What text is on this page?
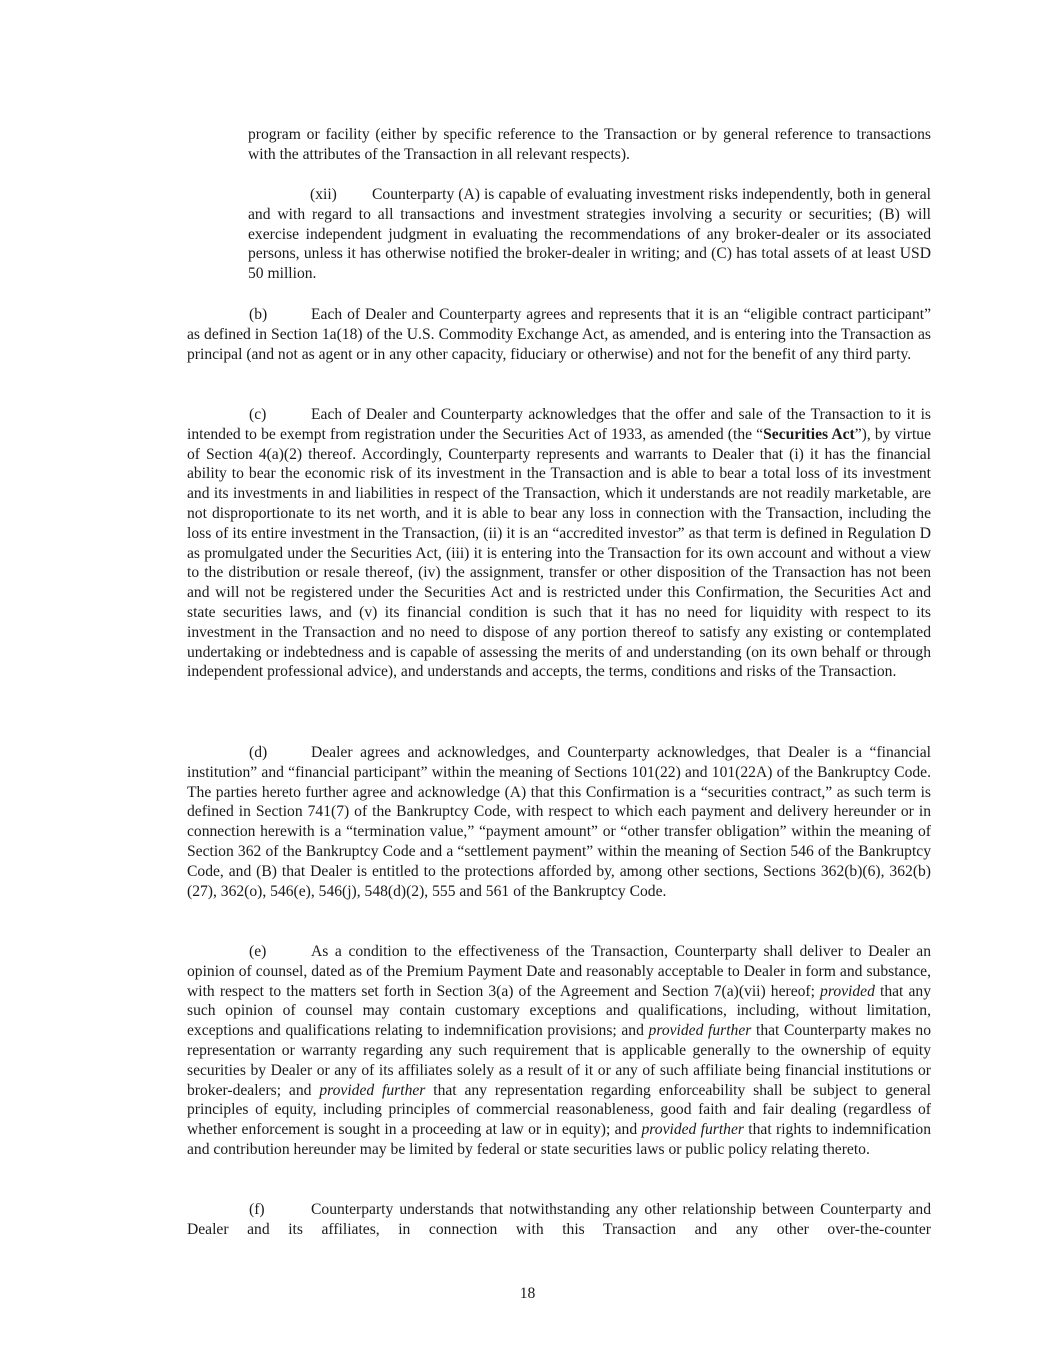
program or facility (either by specific reference to the Transaction or by general reference to transactions with the attributes of the Transaction in all relevant respects).

(xii) Counterparty (A) is capable of evaluating investment risks independently, both in general and with regard to all transactions and investment strategies involving a security or securities; (B) will exercise independent judgment in evaluating the recommendations of any broker-dealer or its associated persons, unless it has otherwise notified the broker-dealer in writing; and (C) has total assets of at least USD 50 million.

(b)	Each of Dealer and Counterparty agrees and represents that it is an “eligible contract participant” as defined in Section 1a(18) of the U.S. Commodity Exchange Act, as amended, and is entering into the Transaction as principal (and not as agent or in any other capacity, fiduciary or otherwise) and not for the benefit of any third party.

(c)	Each of Dealer and Counterparty acknowledges that the offer and sale of the Transaction to it is intended to be exempt from registration under the Securities Act of 1933, as amended (the “Securities Act”), by virtue of Section 4(a)(2) thereof. Accordingly, Counterparty represents and warrants to Dealer that (i) it has the financial ability to bear the economic risk of its investment in the Transaction and is able to bear a total loss of its investment and its investments in and liabilities in respect of the Transaction, which it understands are not readily marketable, are not disproportionate to its net worth, and it is able to bear any loss in connection with the Transaction, including the loss of its entire investment in the Transaction, (ii) it is an “accredited investor” as that term is defined in Regulation D as promulgated under the Securities Act, (iii) it is entering into the Transaction for its own account and without a view to the distribution or resale thereof, (iv) the assignment, transfer or other disposition of the Transaction has not been and will not be registered under the Securities Act and is restricted under this Confirmation, the Securities Act and state securities laws, and (v) its financial condition is such that it has no need for liquidity with respect to its investment in the Transaction and no need to dispose of any portion thereof to satisfy any existing or contemplated undertaking or indebtedness and is capable of assessing the merits of and understanding (on its own behalf or through independent professional advice), and understands and accepts, the terms, conditions and risks of the Transaction.

(d)	Dealer agrees and acknowledges, and Counterparty acknowledges, that Dealer is a “financial institution” and “financial participant” within the meaning of Sections 101(22) and 101(22A) of the Bankruptcy Code. The parties hereto further agree and acknowledge (A) that this Confirmation is a “securities contract,” as such term is defined in Section 741(7) of the Bankruptcy Code, with respect to which each payment and delivery hereunder or in connection herewith is a “termination value,” “payment amount” or “other transfer obligation” within the meaning of Section 362 of the Bankruptcy Code and a “settlement payment” within the meaning of Section 546 of the Bankruptcy Code, and (B) that Dealer is entitled to the protections afforded by, among other sections, Sections 362(b)(6), 362(b)(27), 362(o), 546(e), 546(j), 548(d)(2), 555 and 561 of the Bankruptcy Code.

(e)	As a condition to the effectiveness of the Transaction, Counterparty shall deliver to Dealer an opinion of counsel, dated as of the Premium Payment Date and reasonably acceptable to Dealer in form and substance, with respect to the matters set forth in Section 3(a) of the Agreement and Section 7(a)(vii) hereof; provided that any such opinion of counsel may contain customary exceptions and qualifications, including, without limitation, exceptions and qualifications relating to indemnification provisions; and provided further that Counterparty makes no representation or warranty regarding any such requirement that is applicable generally to the ownership of equity securities by Dealer or any of its affiliates solely as a result of it or any of such affiliate being financial institutions or broker-dealers; and provided further that any representation regarding enforceability shall be subject to general principles of equity, including principles of commercial reasonableness, good faith and fair dealing (regardless of whether enforcement is sought in a proceeding at law or in equity); and provided further that rights to indemnification and contribution hereunder may be limited by federal or state securities laws or public policy relating thereto.

(f)	Counterparty understands that notwithstanding any other relationship between Counterparty and Dealer and its affiliates, in connection with this Transaction and any other over-the-counter

18
